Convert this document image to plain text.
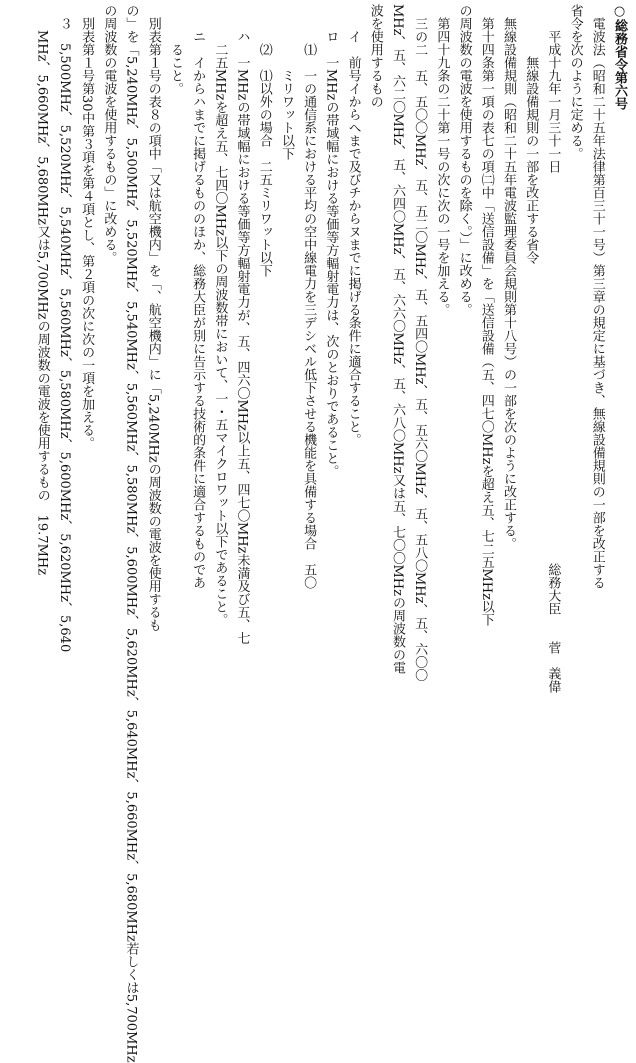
○総務省令第六号
電波法（昭和二十五年法律第百三十一号）第三章の規定に基づき、無線設備規則の一部を改正する
省令を次のように定める。
平成十九年一月三十一日総務大臣菅　義偉
無線設備規則の一部を改正する省令
無線設備規則（昭和二十五年電波監理委員会規則第十八号）の一部を次のように改正する。
第十四条第一項の表七の項㈡中「送信設備」を「送信設備（五、四七〇MHzを超え五、七二五MHz以下
の周波数の電波を使用するものを除く。）」に改める。
第四十九条の二十第一号の次に次の一号を加える。
三の二　五、五〇〇MHz、五、五二〇MHz、五、五四〇MHz、五、五六〇MHz、五、五八〇MHz、五、六〇〇
MHz、五、六二〇MHz、五、六四〇MHz、五、六六〇MHz、五、六八〇MHz又は五、七〇〇MHzの周波数の電
波を使用するもの
イ　前号イからへまで及びチからヌまでに掲げる条件に適合すること。
ロ　一MHzの帯域幅における等価等方輻射電力は、次のとおりであること。
⑴　一の通信系における平均の空中線電力を三デシベル低下させる機能を具備する場合　五〇
ミリワット以下
⑵　⑴以外の場合　二五ミリワット以下
ハ　一MHzの帯域幅における等価等方輻射電力が、五、四六〇MHz以上五、四七〇MHz未満及び五、七
二五MHzを超え五、七四〇MHz以下の周波数帯において、一・五マイクロワット以下であること。
ニ　イからハまでに掲げるもののほか、総務大臣が別に告示する技術的条件に適合するものであ
ること。
別表第１号の表８の項中「又は航空機内」を「、航空機内」に「5,240MHzの周波数の電波を使用するも
の」を「5,240MHz、5,500MHz、5,520MHz、5,540MHz、5,560MHz、5,580MHz、5,600MHz、5,620MHz、5,640MHz、5,660MHz、5,680MHz若しくは5,700MHz
の周波数の電波を使用するもの」に改める。
別表第１号第30中第３項を第４項とし、第２項の次に次の一項を加える。
３　5,500MHz、5,520MHz、5,540MHz、5,560MHz、5,580MHz、5,600MHz、5,620MHz、5,640
MHz、5,660MHz、5,680MHz又は5,700MHzの周波数の電波を使用するもの　19.7MHz
